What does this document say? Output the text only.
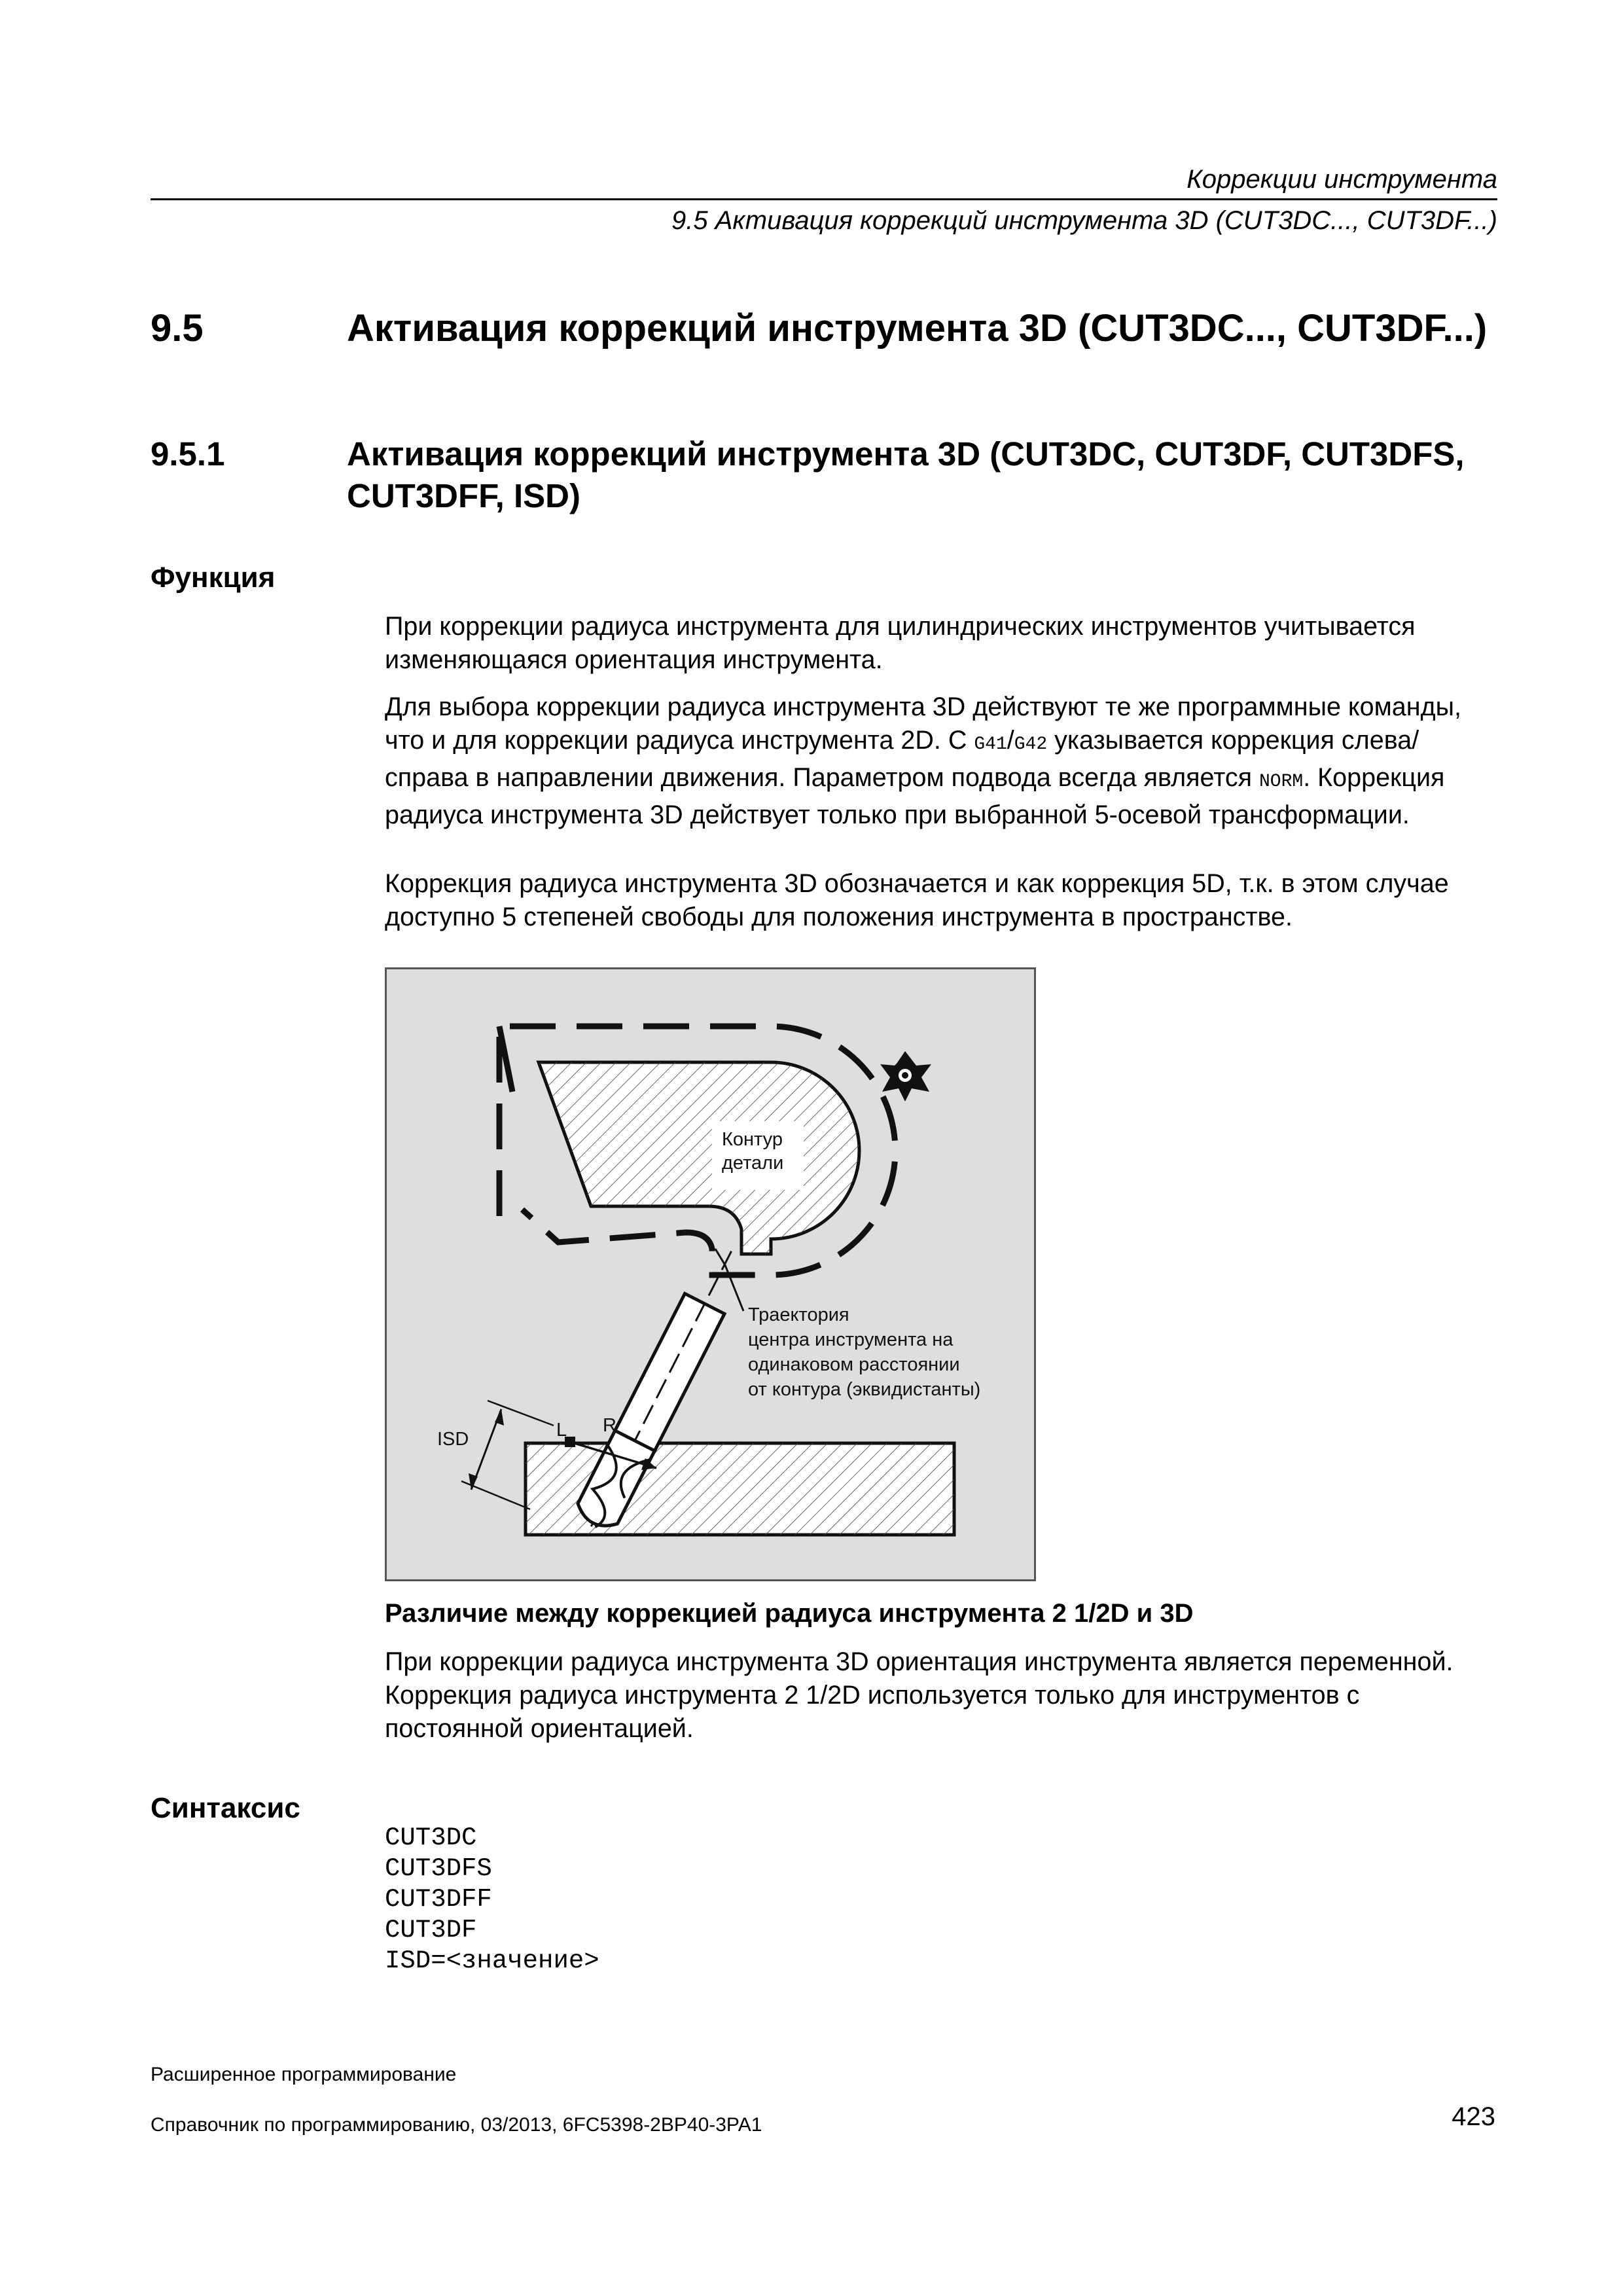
Коррекции инструмента
9.5 Активация коррекций инструмента 3D (CUT3DC..., CUT3DF...)
9.5	Активация коррекций инструмента 3D (CUT3DC..., CUT3DF...)
9.5.1	Активация коррекций инструмента 3D (CUT3DC, CUT3DF, CUT3DFS,
CUT3DFF, ISD)
Функция

При коррекции радиуса инструмента для цилиндрических инструментов учитывается изменяющаяся ориентация инструмента.

Для выбора коррекции радиуса инструмента 3D действуют те же программные команды, что и для коррекции радиуса инструмента 2D. С G41/G42 указывается коррекция слева/справа в направлении движения. Параметром подвода всегда является NORM. Коррекция радиуса инструмента 3D действует только при выбранной 5-осевой трансформации.

Коррекция радиуса инструмента 3D обозначается и как коррекция 5D, т.к. в этом случае доступно 5 степеней свободы для положения инструмента в пространстве.

Контур
детали
Траектория
центра инструмента на
одинаковом расстоянии
от контура (эквидистанты)
L R
ISD
Различие между коррекцией радиуса инструмента 2 1/2D и 3D

При коррекции радиуса инструмента 3D ориентация инструмента является переменной. Коррекция радиуса инструмента 2 1/2D используется только для инструментов с постоянной ориентацией.

Синтаксис
CUT3DC
CUT3DFS
CUT3DFF
CUT3DF
ISD=<значение>
Расширенное программирование
Справочник по программированию, 03/2013, 6FC5398-2BP40-3PA1	423
